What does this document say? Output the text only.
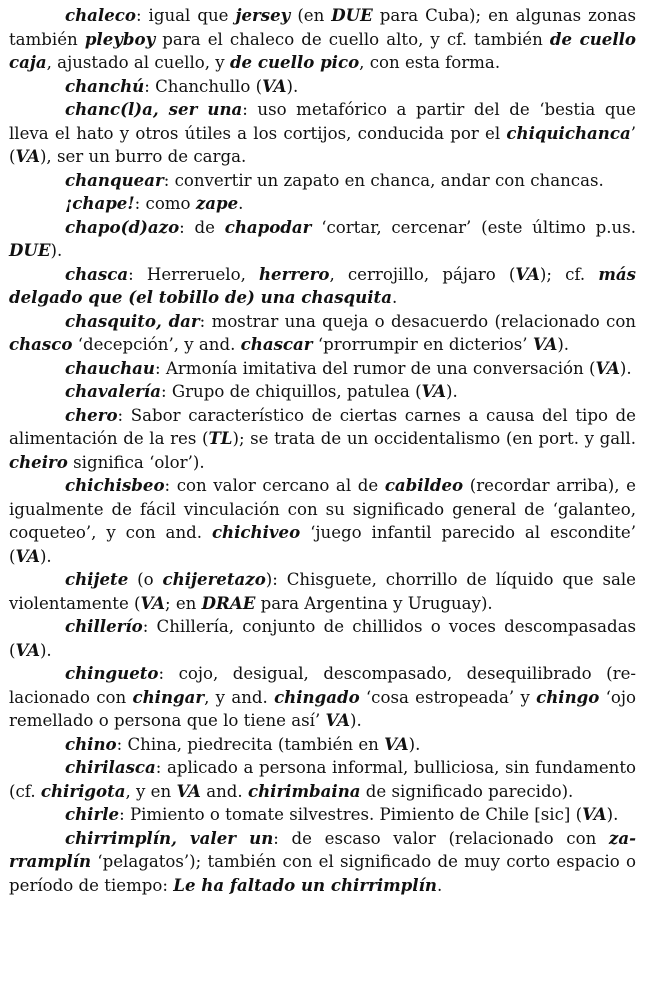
chaleco: igual que jersey (en DUE para Cuba); en algunas zonas también pleyboy para el chaleco de cuello alto, y cf. también de cuello caja, ajustado al cuello, y de cuello pico, con esta forma.

chanchú: Chanchullo (VA).

chanc(l)a, ser una: uso metafórico a partir del de ‘bestia que lleva el hato y otros útiles a los cortijos, conducida por el chiquichanca’ (VA), ser un burro de carga.

chanquear: convertir un zapato en chanca, andar con chancas.

¡chape!: como zape.

chapo(d)azo: de chapodar ‘cortar, cercenar’ (este último p.us. DUE).

chasca: Herreruelo, herrero, cerrojillo, pájaro (VA); cf. más delgado que (el tobillo de) una chasquita.

chasquito, dar: mostrar una queja o desacuerdo (relacionado con chasco ‘decepción’, y and. chascar ‘prorrumpir en dicterios’ VA).

chauchau: Armonía imitativa del rumor de una conversación (VA).

chavalería: Grupo de chiquillos, patulea (VA).

chero: Sabor característico de ciertas carnes a causa del tipo de alimentación de la res (TL); se trata de un occidentalismo (en port. y gall. cheiro significa ‘olor’).

chichisbeo: con valor cercano al de cabildeo (recordar arriba), e igualmente de fácil vinculación con su significado general de ‘galanteo, coqueteo’, y con and. chichiveo ‘juego infantil parecido al escondite’ (VA).

chijete (o chijeretazo): Chisguete, chorrillo de líquido que sale violentamente (VA; en DRAE para Argentina y Uruguay).

chillerío: Chillería, conjunto de chillidos o voces descompasadas (VA).

chingueto: cojo, desigual, descompasado, desequilibrado (relacionado con chingar, y and. chingado ‘cosa estropeada’ y chingo ‘ojo remellado o persona que lo tiene así’ VA).

chino: China, piedrecita (también en VA).

chirilasca: aplicado a persona informal, bulliciosa, sin fundamento (cf. chirigota, y en VA and. chirimbaina de significado parecido).

chirle: Pimiento o tomate silvestres. Pimiento de Chile [sic] (VA).

chirrimplín, valer un: de escaso valor (relacionado con zarramplín ‘pelagatos’); también con el significado de muy corto espacio o período de tiempo: Le ha faltado un chirrimplín.
